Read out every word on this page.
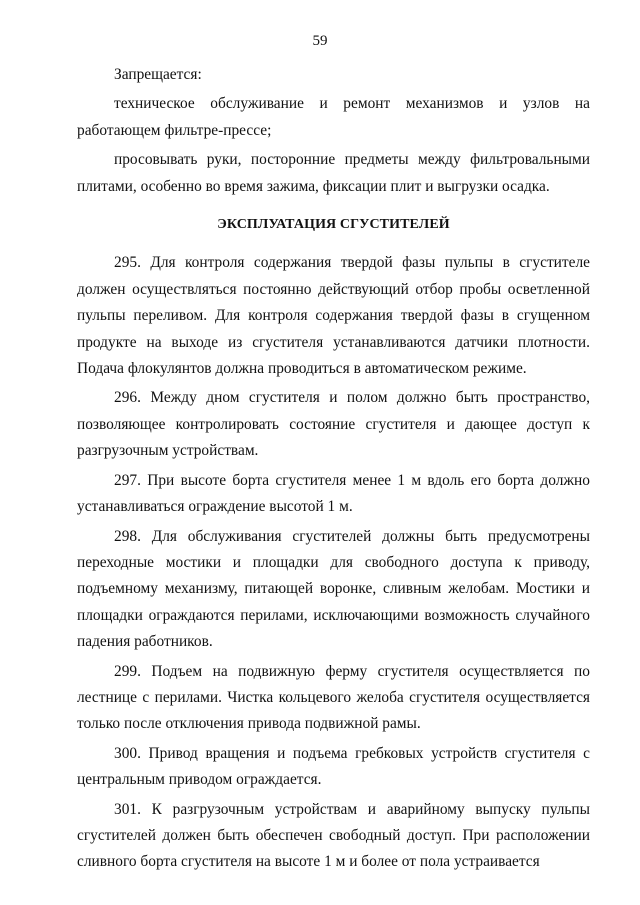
59

Запрещается:

техническое обслуживание и ремонт механизмов и узлов на работающем фильтре-прессе;

просовывать руки, посторонние предметы между фильтровальными плитами, особенно во время зажима, фиксации плит и выгрузки осадка.

ЭКСПЛУАТАЦИЯ СГУСТИТЕЛЕЙ

295. Для контроля содержания твердой фазы пульпы в сгустителе должен осуществляться постоянно действующий отбор пробы осветленной пульпы переливом. Для контроля содержания твердой фазы в сгущенном продукте на выходе из сгустителя устанавливаются датчики плотности. Подача флокулянтов должна проводиться в автоматическом режиме.

296. Между дном сгустителя и полом должно быть пространство, позволяющее контролировать состояние сгустителя и дающее доступ к разгрузочным устройствам.

297. При высоте борта сгустителя менее 1 м вдоль его борта должно устанавливаться ограждение высотой 1 м.

298. Для обслуживания сгустителей должны быть предусмотрены переходные мостики и площадки для свободного доступа к приводу, подъемному механизму, питающей воронке, сливным желобам. Мостики и площадки ограждаются перилами, исключающими возможность случайного падения работников.

299. Подъем на подвижную ферму сгустителя осуществляется по лестнице с перилами. Чистка кольцевого желоба сгустителя осуществляется только после отключения привода подвижной рамы.

300. Привод вращения и подъема гребковых устройств сгустителя с центральным приводом ограждается.

301. К разгрузочным устройствам и аварийному выпуску пульпы сгустителей должен быть обеспечен свободный доступ. При расположении сливного борта сгустителя на высоте 1 м и более от пола устраивается
